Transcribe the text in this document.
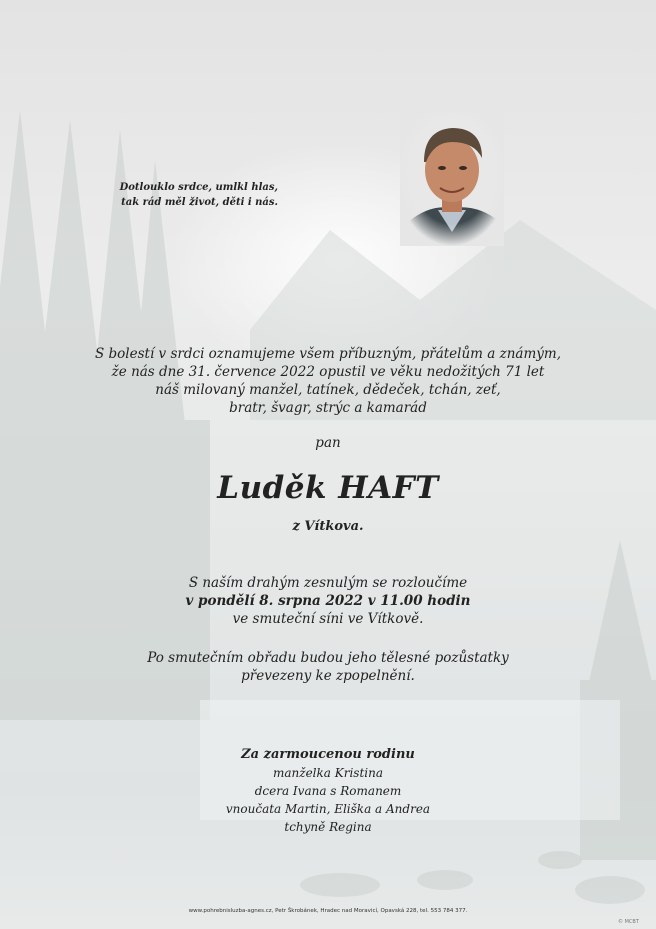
Dotlouklo srdce, umlkl hlas,
tak rád měl život, děti i nás.
S bolestí v srdci oznamujeme všem příbuzným, přátelům a známým,
že nás dne 31. července 2022 opustil ve věku nedožitých 71 let
náš milovaný manžel, tatínek, dědeček, tchán, zeť,
bratr, švagr, strýc a kamarád
pan
Luděk HAFT
z Vítkova.
S naším drahým zesnulým se rozloučíme
v pondělí 8. srpna 2022 v 11.00 hodin
ve smuteční síni ve Vítkově.
Po smutečním obřadu budou jeho tělesné pozůstatky
převezeny ke zpopelnění.
Za zarmoucenou rodinu
manželka Kristina
dcera Ivana s Romanem
vnoučata Martin, Eliška a Andrea
tchyně Regina
www.pohrebnisluzba-agnes.cz, Petr Škrobánek, Hradec nad Moravicí, Opavská 228, tel. 553 784 377.
© MCBT
